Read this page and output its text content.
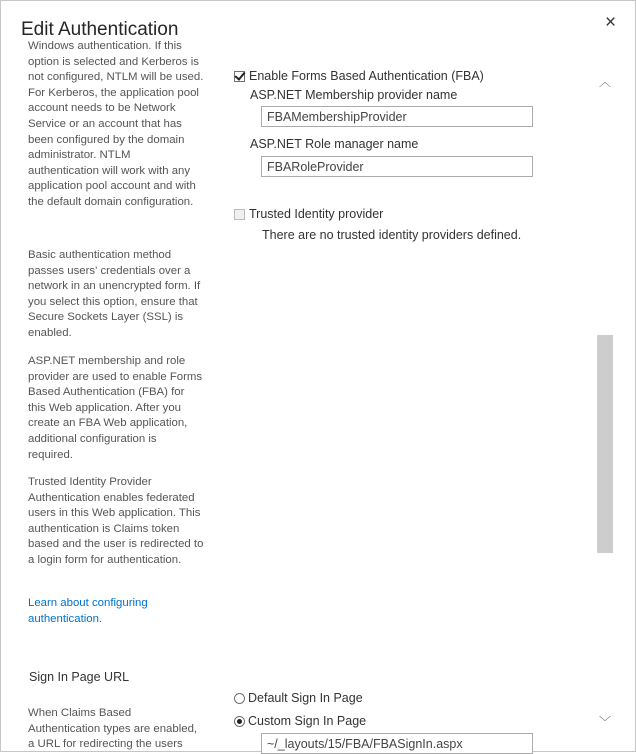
Edit Authentication	×

Windows authentication. If this option is selected and Kerberos is not configured, NTLM will be used. For Kerberos, the application pool account needs to be Network Service or an account that has been configured by the domain administrator. NTLM authentication will work with any application pool account and with the default domain configuration.

Basic authentication method passes users' credentials over a network in an unencrypted form. If you select this option, ensure that Secure Sockets Layer (SSL) is enabled.

ASP.NET membership and role provider are used to enable Forms Based Authentication (FBA) for this Web application. After you create an FBA Web application, additional configuration is required.

Trusted Identity Provider Authentication enables federated users in this Web application. This authentication is Claims token based and the user is redirected to a login form for authentication.

Learn about configuring authentication.
Enable Forms Based Authentication (FBA)
ASP.NET Membership provider name
FBAMembershipProvider
ASP.NET Role manager name
FBARoleProvider
Trusted Identity provider
There are no trusted identity providers defined.
Sign In Page URL

When Claims Based Authentication types are enabled, a URL for redirecting the users

Default Sign In Page
Custom Sign In Page
~/_layouts/15/FBA/FBASignIn.aspx
︿
﹀
